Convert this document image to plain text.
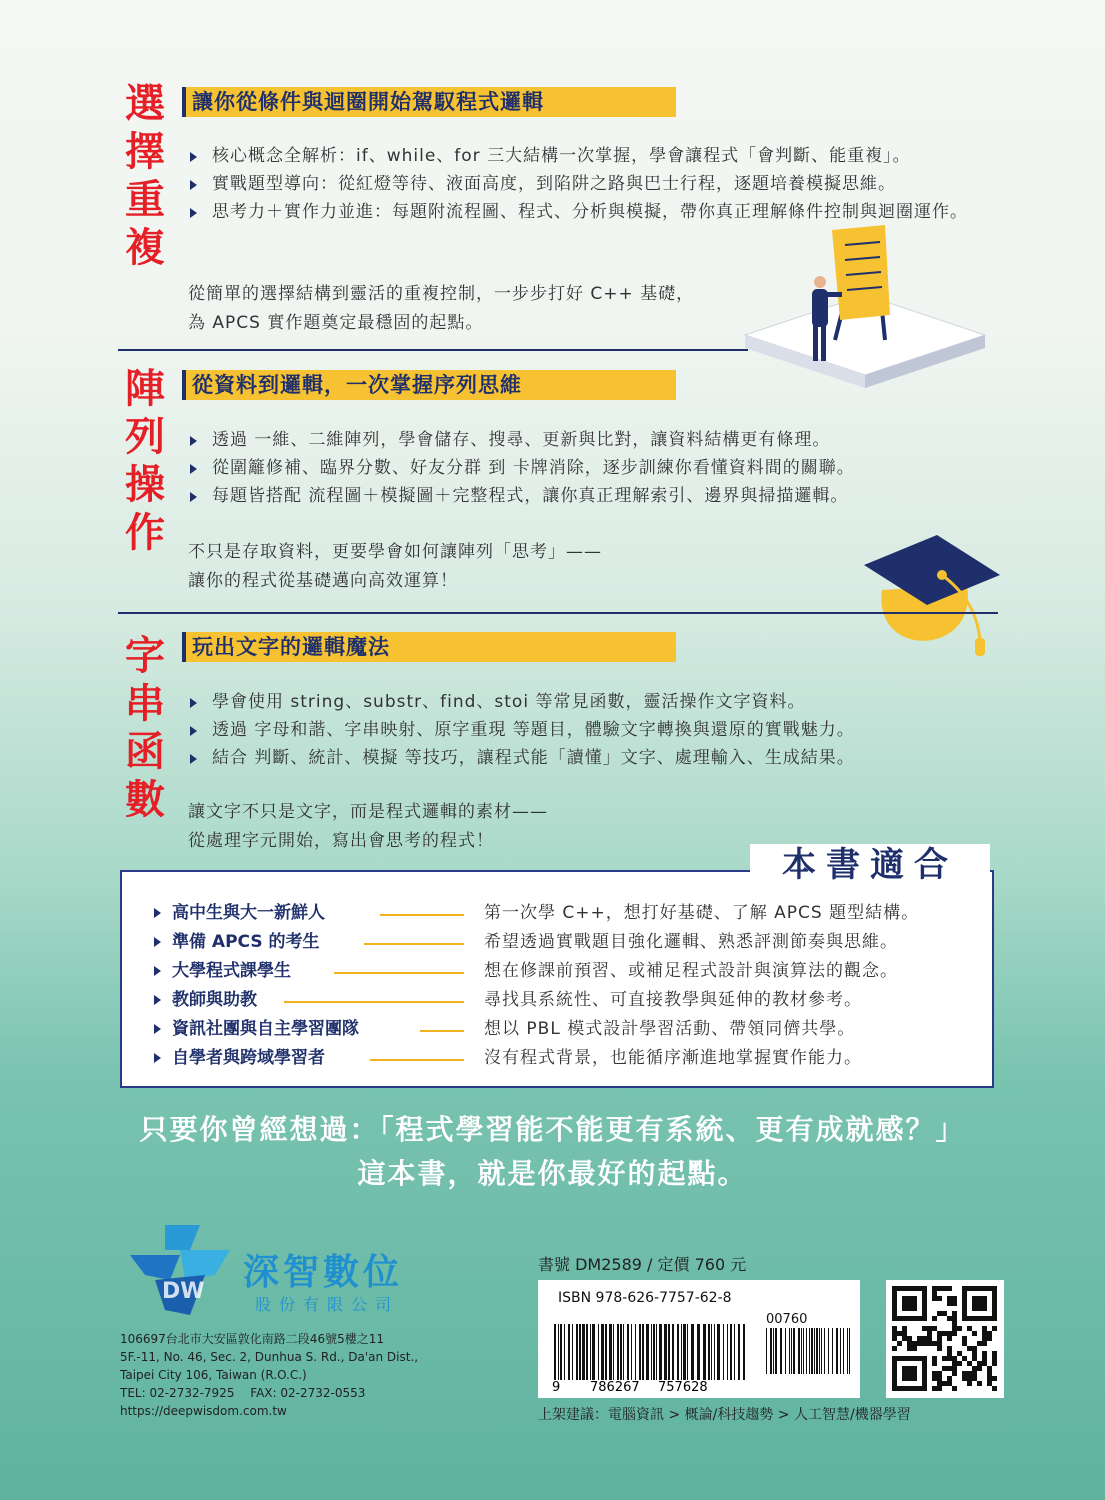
選
擇
重
複
讓你從條件與迴圈開始駕馭程式邏輯
核心概念全解析：if、while、for 三大結構一次掌握，學會讓程式「會判斷、能重複」。
實戰題型導向：從紅燈等待、液面高度，到陷阱之路與巴士行程，逐題培養模擬思維。
思考力＋實作力並進：每題附流程圖、程式、分析與模擬，帶你真正理解條件控制與迴圈運作。
從簡單的選擇結構到靈活的重複控制，一步步打好 C++ 基礎，
為 APCS 實作題奠定最穩固的起點。
陣
列
操
作
從資料到邏輯，一次掌握序列思維
透過 一維、二維陣列，學會儲存、搜尋、更新與比對，讓資料結構更有條理。
從圍籬修補、臨界分數、好友分群 到 卡牌消除，逐步訓練你看懂資料間的關聯。
每題皆搭配 流程圖＋模擬圖＋完整程式，讓你真正理解索引、邊界與掃描邏輯。
不只是存取資料，更要學會如何讓陣列「思考」——
讓你的程式從基礎邁向高效運算！
字
串
函
數
玩出文字的邏輯魔法
學會使用 string、substr、find、stoi 等常見函數，靈活操作文字資料。
透過 字母和諧、字串映射、原字重現 等題目，體驗文字轉換與還原的實戰魅力。
結合 判斷、統計、模擬 等技巧，讓程式能「讀懂」文字、處理輸入、生成結果。
讓文字不只是文字，而是程式邏輯的素材——
從處理字元開始，寫出會思考的程式！
高中生與大一新鮮人	第一次學 C++，想打好基礎、了解 APCS 題型結構。
準備 APCS 的考生	希望透過實戰題目強化邏輯、熟悉評測節奏與思維。
大學程式課學生	想在修課前預習、或補足程式設計與演算法的觀念。
教師與助教	尋找具系統性、可直接教學與延伸的教材參考。
資訊社團與自主學習團隊	想以 PBL 模式設計學習活動、帶領同儕共學。
自學者與跨域學習者	沒有程式背景，也能循序漸進地掌握實作能力。
本書適合
只要你曾經想過：「程式學習能不能更有系統、更有成就感？」
這本書，就是你最好的起點。
DW 深智數位
股份有限公司
106697台北市大安區敦化南路二段46號5樓之11
5F.-11, No. 46, Sec. 2, Dunhua S. Rd., Da'an Dist.,
Taipei City 106, Taiwan (R.O.C.)
TEL: 02-2732-7925　 FAX: 02-2732-0553
https://deepwisdom.com.tw
書號 DM2589 / 定價 760 元
ISBN 978-626-7757-62-8
00760
9 786267 757628
上架建議：電腦資訊 > 概論/科技趨勢 > 人工智慧/機器學習
